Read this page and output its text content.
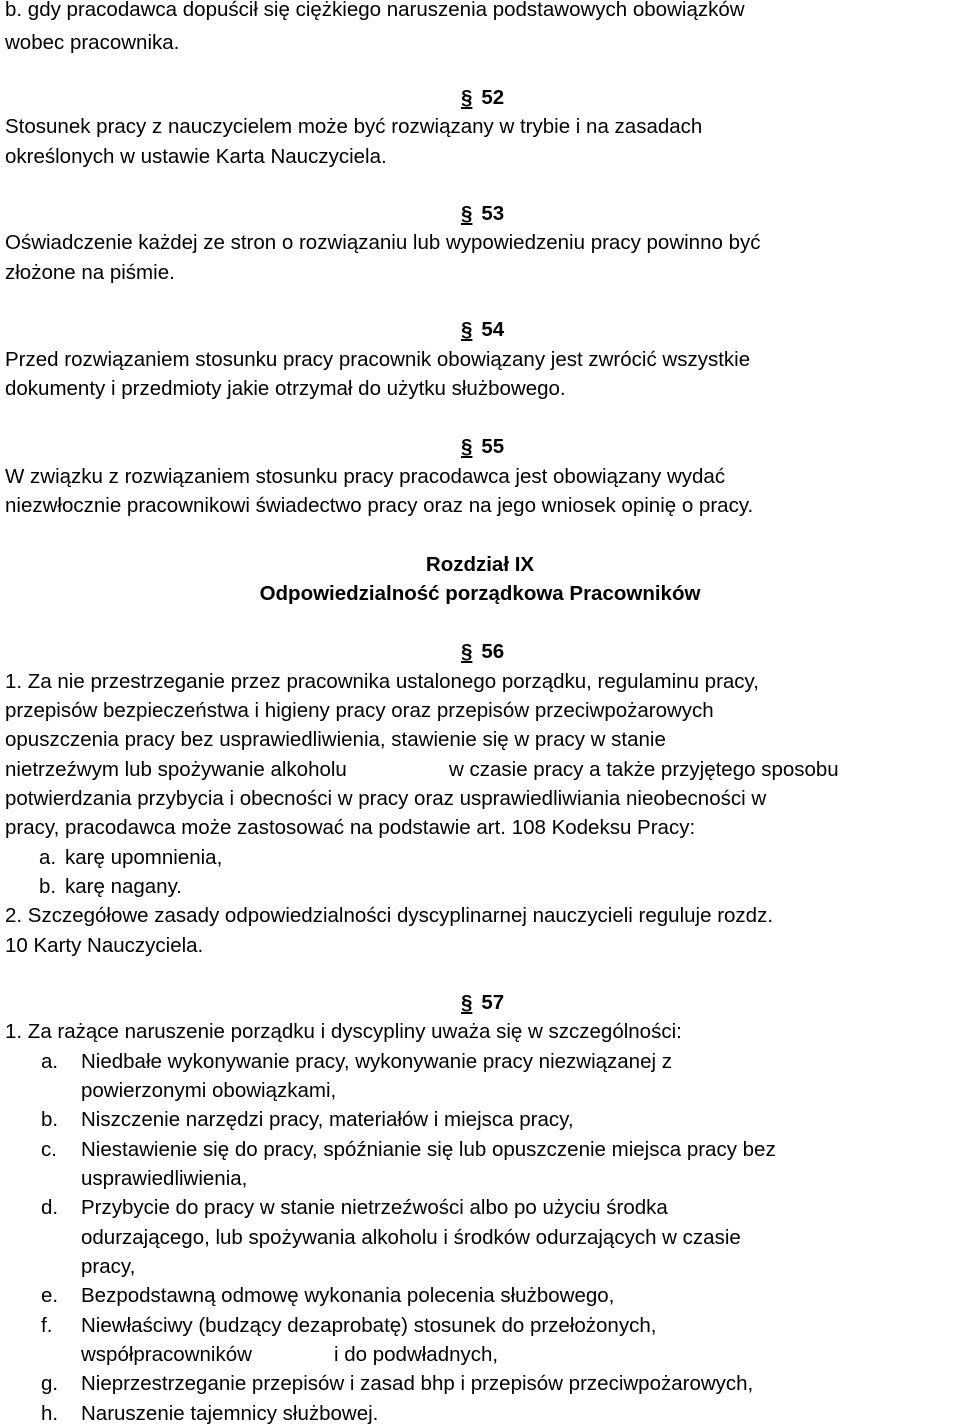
b. gdy pracodawca dopuścił się ciężkiego naruszenia podstawowych obowiązków
wobec pracownika.
§ 52
Stosunek pracy z nauczycielem może być rozwiązany w trybie i na zasadach
określonych w ustawie Karta Nauczyciela.
§ 53
Oświadczenie każdej ze stron o rozwiązaniu lub wypowiedzeniu pracy powinno być
złożone na piśmie.
§ 54
Przed rozwiązaniem stosunku pracy pracownik obowiązany jest zwrócić wszystkie
dokumenty i przedmioty jakie otrzymał do użytku służbowego.
§ 55
W związku z rozwiązaniem stosunku pracy pracodawca jest obowiązany wydać
niezwłocznie pracownikowi świadectwo pracy oraz na jego wniosek opinię o pracy.
Rozdział IX
Odpowiedzialność porządkowa Pracowników
§ 56
1. Za nie przestrzeganie przez pracownika ustalonego porządku, regulaminu pracy,
przepisów bezpieczeństwa i higieny pracy oraz przepisów przeciwpożarowych
opuszczenia pracy bez usprawiedliwienia, stawienie się w pracy w stanie
nietrzeźwym lub spożywanie alkoholu	w czasie pracy a także przyjętego sposobu
potwierdzania przybycia i obecności w pracy oraz usprawiedliwiania nieobecności w
pracy, pracodawca może zastosować na podstawie art. 108 Kodeksu Pracy:
a. karę upomnienia,
b. karę nagany.
2. Szczegółowe zasady odpowiedzialności dyscyplinarnej nauczycieli reguluje rozdz.
10 Karty Nauczyciela.
§ 57
1. Za rażące naruszenie porządku i dyscypliny uważa się w szczególności:
a. Niedbałe wykonywanie pracy, wykonywanie pracy niezwiązanej z
powierzonymi obowiązkami,
b. Niszczenie narzędzi pracy, materiałów i miejsca pracy,
c. Niestawienie się do pracy, spóźnianie się lub opuszczenie miejsca pracy bez
usprawiedliwienia,
d. Przybycie do pracy w stanie nietrzeźwości albo po użyciu środka
odurzającego, lub spożywania alkoholu i środków odurzających w czasie
pracy,
e. Bezpodstawną odmowę wykonania polecenia służbowego,
f. Niewłaściwy (budzący dezaprobatę) stosunek do przełożonych,
współpracowników	i do podwładnych,
g. Nieprzestrzeganie przepisów i zasad bhp i przepisów przeciwpożarowych,
h. Naruszenie tajemnicy służbowej.
